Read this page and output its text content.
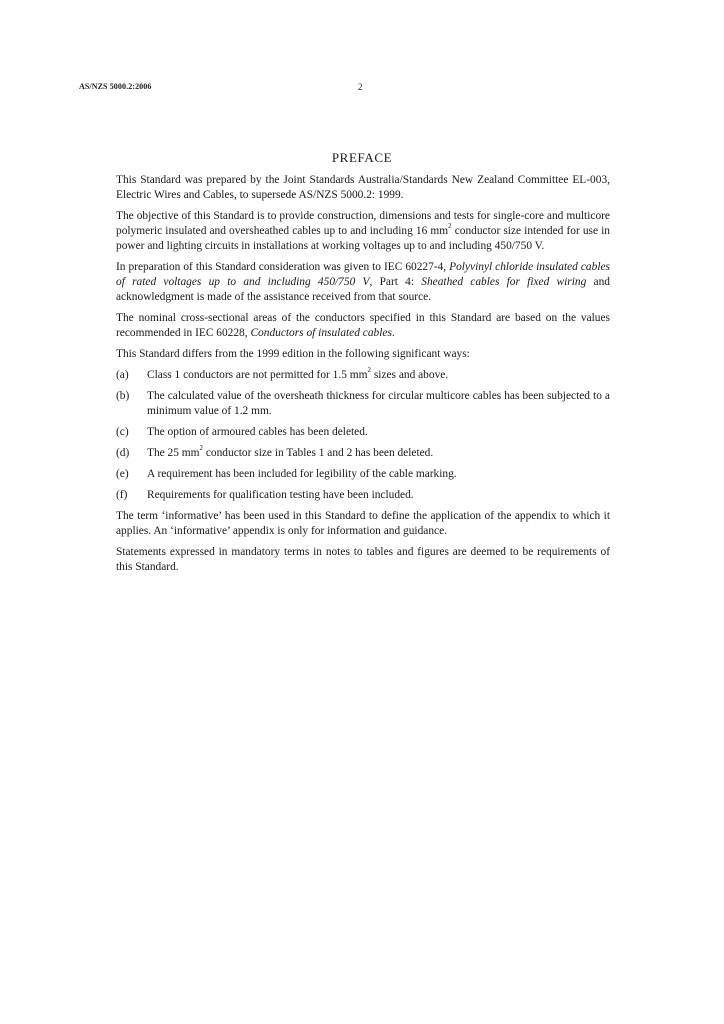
AS/NZS 5000.2:2006	2
PREFACE

This Standard was prepared by the Joint Standards Australia/Standards New Zealand Committee EL-003, Electric Wires and Cables, to supersede AS/NZS 5000.2: 1999.

The objective of this Standard is to provide construction, dimensions and tests for single-core and multicore polymeric insulated and oversheathed cables up to and including 16 $mm^2$ conductor size intended for use in power and lighting circuits in installations at working voltages up to and including 450/750 V.

In preparation of this Standard consideration was given to IEC 60227-4, Polyvinyl chloride insulated cables of rated voltages up to and including 450/750 V, Part 4: Sheathed cables for fixed wiring and acknowledgment is made of the assistance received from that source.

The nominal cross-sectional areas of the conductors specified in this Standard are based on the values recommended in IEC 60228, Conductors of insulated cables.

This Standard differs from the 1999 edition in the following significant ways:

(a)	Class 1 conductors are not permitted for 1.5 $mm^2$ sizes and above.
(b)	The calculated value of the oversheath thickness for circular multicore cables has been subjected to a minimum value of 1.2 mm.
(c)	The option of armoured cables has been deleted.
(d)	The 25 $mm^2$ conductor size in Tables 1 and 2 has been deleted.
(e)	A requirement has been included for legibility of the cable marking.
(f)	Requirements for qualification testing have been included.

The term ‘informative’ has been used in this Standard to define the application of the appendix to which it applies. An ‘informative’ appendix is only for information and guidance.

Statements expressed in mandatory terms in notes to tables and figures are deemed to be requirements of this Standard.
